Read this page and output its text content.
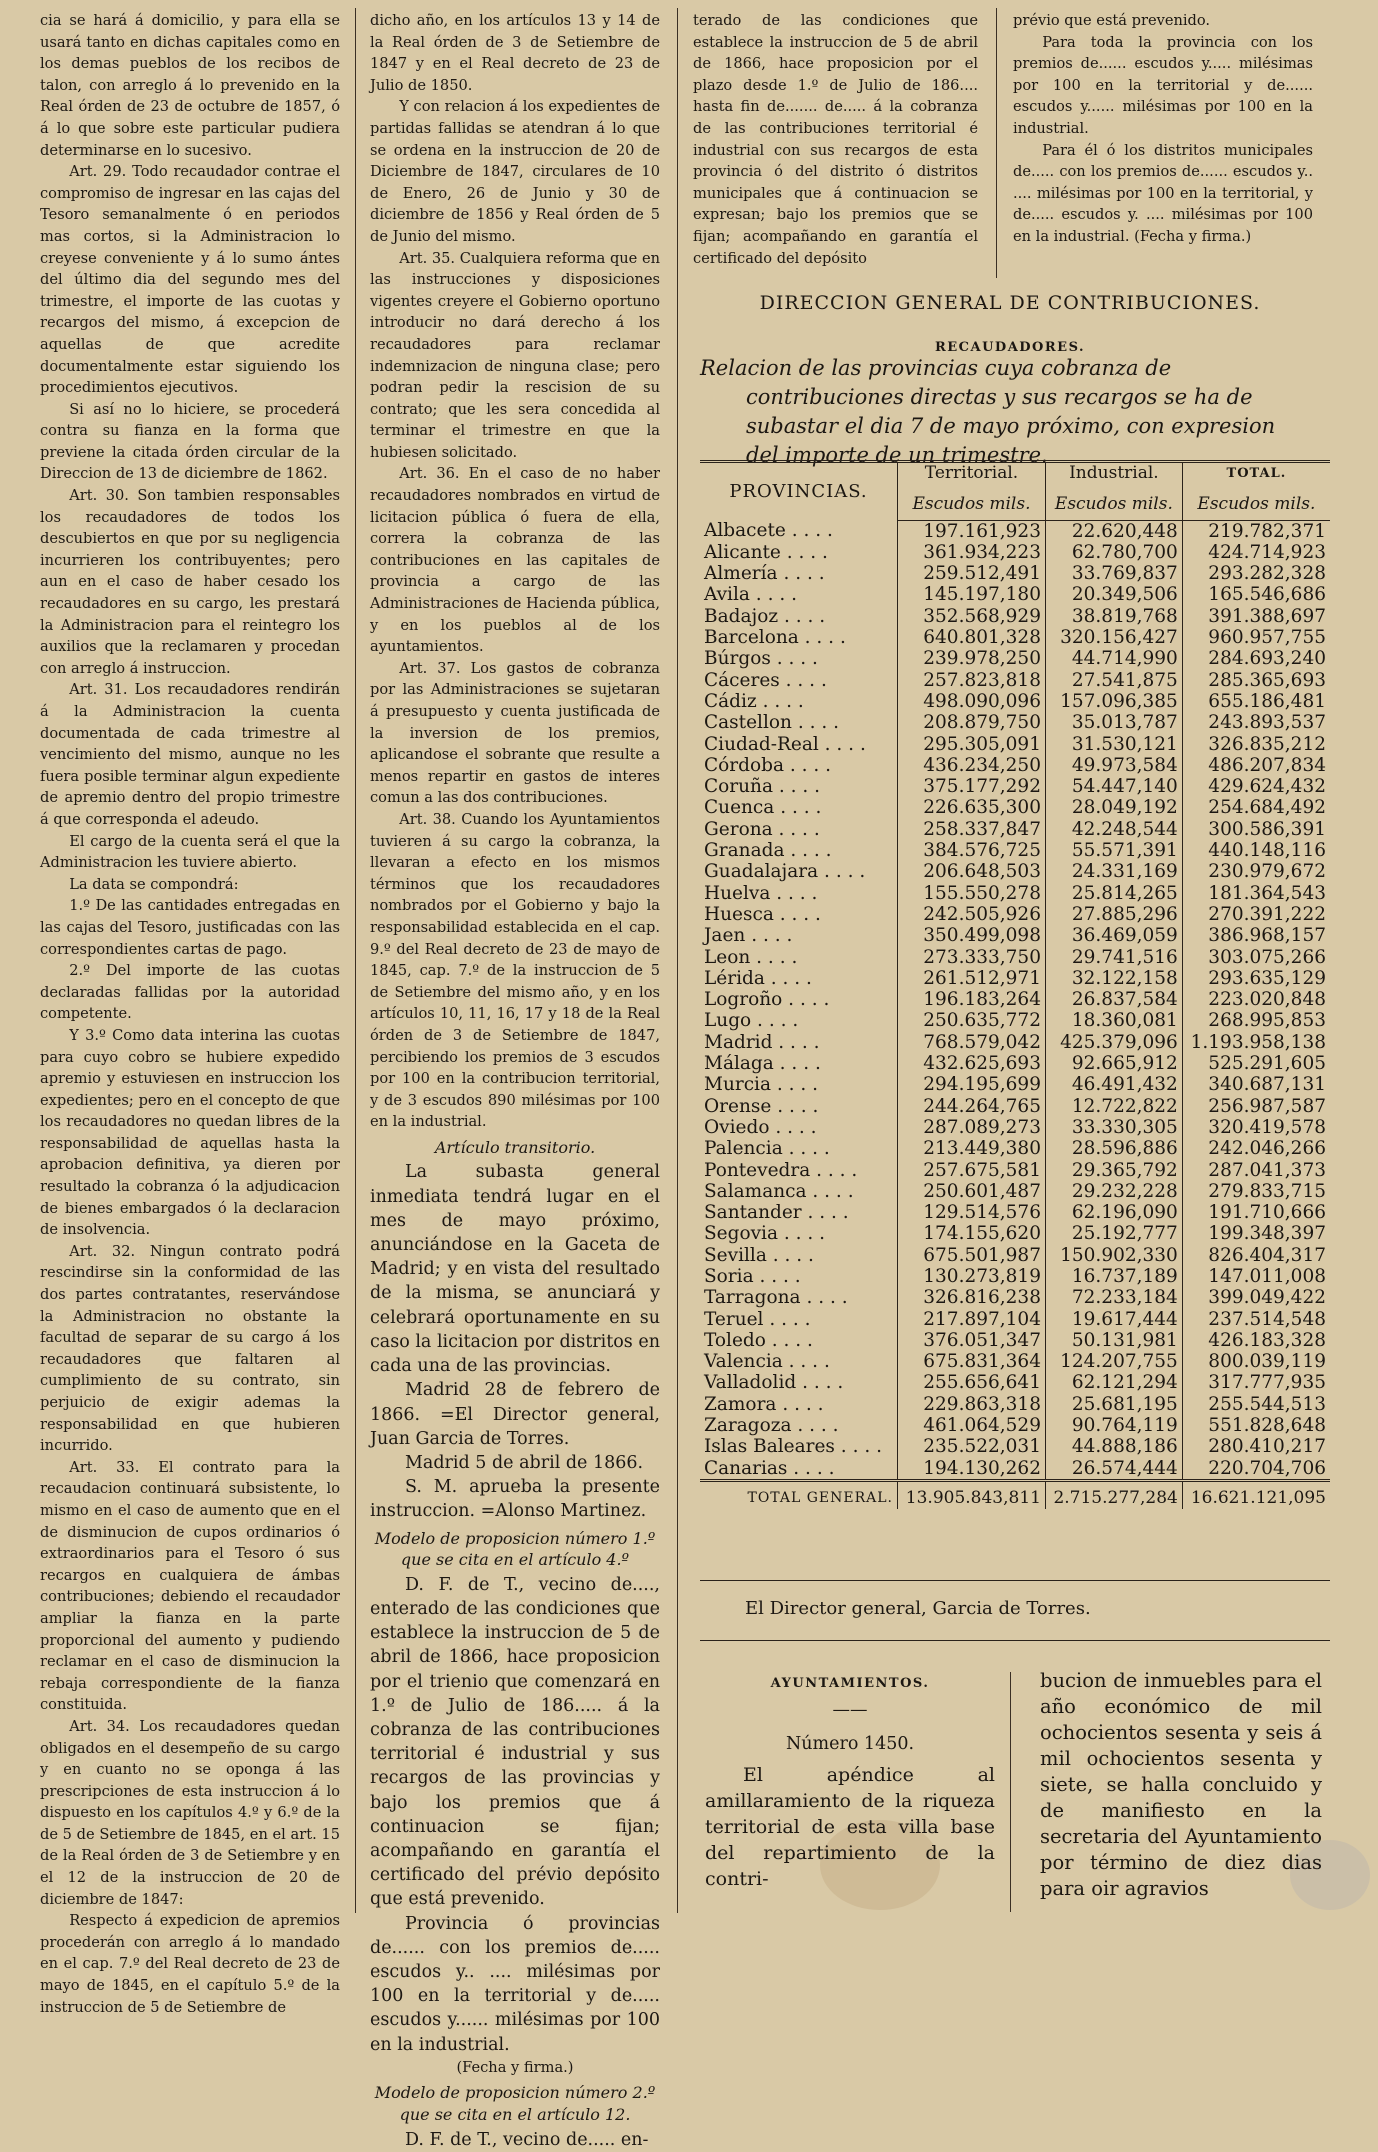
cia se hará á domicilio, y para ella se usará tanto en dichas capitales como en los demas pueblos de los recibos de talon, con arreglo á lo prevenido en la Real órden de 23 de octubre de 1857, ó á lo que sobre este particular pudiera determinarse en lo sucesivo.

Art. 29. Todo recaudador contrae el compromiso de ingresar en las cajas del Tesoro semanalmente ó en periodos mas cortos, si la Administracion lo creyese conveniente y á lo sumo ántes del último dia del segundo mes del trimestre, el importe de las cuotas y recargos del mismo, á excepcion de aquellas de que acredite documentalmente estar siguiendo los procedimientos ejecutivos.

Si así no lo hiciere, se procederá contra su fianza en la forma que previene la citada órden circular de la Direccion de 13 de diciembre de 1862.

Art. 30. Son tambien responsables los recaudadores de todos los descubiertos en que por su negligencia incurrieren los contribuyentes; pero aun en el caso de haber cesado los recaudadores en su cargo, les prestará la Administracion para el reintegro los auxilios que la reclamaren y procedan con arreglo á instruccion.

Art. 31. Los recaudadores rendirán á la Administracion la cuenta documentada de cada trimestre al vencimiento del mismo, aunque no les fuera posible terminar algun expediente de apremio dentro del propio trimestre á que corresponda el adeudo.

El cargo de la cuenta será el que la Administracion les tuviere abierto.

La data se compondrá:

1.º De las cantidades entregadas en las cajas del Tesoro, justificadas con las correspondientes cartas de pago.

2.º Del importe de las cuotas declaradas fallidas por la autoridad competente.

Y 3.º Como data interina las cuotas para cuyo cobro se hubiere expedido apremio y estuviesen en instruccion los expedientes; pero en el concepto de que los recaudadores no quedan libres de la responsabilidad de aquellas hasta la aprobacion definitiva, ya dieren por resultado la cobranza ó la adjudicacion de bienes embargados ó la declaracion de insolvencia.

Art. 32. Ningun contrato podrá rescindirse sin la conformidad de las dos partes contratantes, reservándose la Administracion no obstante la facultad de separar de su cargo á los recaudadores que faltaren al cumplimiento de su contrato, sin perjuicio de exigir ademas la responsabilidad en que hubieren incurrido.

Art. 33. El contrato para la recaudacion continuará subsistente, lo mismo en el caso de aumento que en el de disminucion de cupos ordinarios ó extraordinarios para el Tesoro ó sus recargos en cualquiera de ámbas contribuciones; debiendo el recaudador ampliar la fianza en la parte proporcional del aumento y pudiendo reclamar en el caso de disminucion la rebaja correspondiente de la fianza constituida.

Art. 34. Los recaudadores quedan obligados en el desempeño de su cargo y en cuanto no se oponga á las prescripciones de esta instruccion á lo dispuesto en los capítulos 4.º y 6.º de la de 5 de Setiembre de 1845, en el art. 15 de la Real órden de 3 de Setiembre y en el 12 de la instruccion de 20 de diciembre de 1847:

Respecto á expedicion de apremios procederán con arreglo á lo mandado en el cap. 7.º del Real decreto de 23 de mayo de 1845, en el capítulo 5.º de la instruccion de 5 de Setiembre de

dicho año, en los artículos 13 y 14 de la Real órden de 3 de Setiembre de 1847 y en el Real decreto de 23 de Julio de 1850.

Y con relacion á los expedientes de partidas fallidas se atendran á lo que se ordena en la instruccion de 20 de Diciembre de 1847, circulares de 10 de Enero, 26 de Junio y 30 de diciembre de 1856 y Real órden de 5 de Junio del mismo.

Art. 35. Cualquiera reforma que en las instrucciones y disposiciones vigentes creyere el Gobierno oportuno introducir no dará derecho á los recaudadores para reclamar indemnizacion de ninguna clase; pero podran pedir la rescision de su contrato; que les sera concedida al terminar el trimestre en que la hubiesen solicitado.

Art. 36. En el caso de no haber recaudadores nombrados en virtud de licitacion pública ó fuera de ella, correra la cobranza de las contribuciones en las capitales de provincia a cargo de las Administraciones de Hacienda pública, y en los pueblos al de los ayuntamientos.

Art. 37. Los gastos de cobranza por las Administraciones se sujetaran á presupuesto y cuenta justificada de la inversion de los premios, aplicandose el sobrante que resulte a menos repartir en gastos de interes comun a las dos contribuciones.

Art. 38. Cuando los Ayuntamientos tuvieren á su cargo la cobranza, la llevaran a efecto en los mismos términos que los recaudadores nombrados por el Gobierno y bajo la responsabilidad establecida en el cap. 9.º del Real decreto de 23 de mayo de 1845, cap. 7.º de la instruccion de 5 de Setiembre del mismo año, y en los artículos 10, 11, 16, 17 y 18 de la Real órden de 3 de Setiembre de 1847, percibiendo los premios de 3 escudos por 100 en la contribucion territorial, y de 3 escudos 890 milésimas por 100 en la industrial.

Artículo transitorio.

La subasta general inmediata tendrá lugar en el mes de mayo próximo, anunciándose en la Gaceta de Madrid; y en vista del resultado de la misma, se anunciará y celebrará oportunamente en su caso la licitacion por distritos en cada una de las provincias.

Madrid 28 de febrero de 1866. =El Director general, Juan Garcia de Torres.

Madrid 5 de abril de 1866.

S. M. aprueba la presente instruccion. =Alonso Martinez.

Modelo de proposicion número 1.º que se cita en el artículo 4.º

D. F. de T., vecino de...., enterado de las condiciones que establece la instruccion de 5 de abril de 1866, hace proposicion por el trienio que comenzará en 1.º de Julio de 186..... á la cobranza de las contribuciones territorial é industrial y sus recargos de las provincias y bajo los premios que á continuacion se fijan; acompañando en garantía el certificado del prévio depósito que está prevenido.

Provincia ó provincias de...... con los premios de..... escudos y.. .... milésimas por 100 en la territorial y de..... escudos y...... milésimas por 100 en la industrial.

(Fecha y firma.)

Modelo de proposicion número 2.º que se cita en el artículo 12.

D. F. de T., vecino de..... en-

terado de las condiciones que establece la instruccion de 5 de abril de 1866, hace proposicion por el plazo desde 1.º de Julio de 186.... hasta fin de....... de..... á la cobranza de las contribuciones territorial é industrial con sus recargos de esta provincia ó del distrito ó distritos municipales que á continuacion se expresan; bajo los premios que se fijan; acompañando en garantía el certificado del depósito

prévio que está prevenido.

Para toda la provincia con los premios de...... escudos y..... milésimas por 100 en la territorial y de...... escudos y...... milésimas por 100 en la industrial.

Para él ó los distritos municipales de..... con los premios de...... escudos y.. .... milésimas por 100 en la territorial, y de..... escudos y. .... milésimas por 100 en la industrial. (Fecha y firma.)

DIRECCION GENERAL DE CONTRIBUCIONES.
RECAUDADORES.

Relacion de las provincias cuya cobranza de contribuciones directas y sus recargos se ha de subastar el dia 7 de mayo próximo, con expresion del importe de un trimestre.

PROVINCIAS.	Territorial.	Industrial.	TOTAL.
	Escudos mils.	Escudos mils.	Escudos mils.
Albacete . . . .	197.161,923	22.620,448	219.782,371
Alicante . . . .	361.934,223	62.780,700	424.714,923
Almería . . . .	259.512,491	33.769,837	293.282,328
Avila . . . .	145.197,180	20.349,506	165.546,686
Badajoz . . . .	352.568,929	38.819,768	391.388,697
Barcelona . . . .	640.801,328	320.156,427	960.957,755
Búrgos . . . .	239.978,250	44.714,990	284.693,240
Cáceres . . . .	257.823,818	27.541,875	285.365,693
Cádiz . . . .	498.090,096	157.096,385	655.186,481
Castellon . . . .	208.879,750	35.013,787	243.893,537
Ciudad-Real . . . .	295.305,091	31.530,121	326.835,212
Córdoba . . . .	436.234,250	49.973,584	486.207,834
Coruña . . . .	375.177,292	54.447,140	429.624,432
Cuenca . . . .	226.635,300	28.049,192	254.684,492
Gerona . . . .	258.337,847	42.248,544	300.586,391
Granada . . . .	384.576,725	55.571,391	440.148,116
Guadalajara . . . .	206.648,503	24.331,169	230.979,672
Huelva . . . .	155.550,278	25.814,265	181.364,543
Huesca . . . .	242.505,926	27.885,296	270.391,222
Jaen . . . .	350.499,098	36.469,059	386.968,157
Leon . . . .	273.333,750	29.741,516	303.075,266
Lérida . . . .	261.512,971	32.122,158	293.635,129
Logroño . . . .	196.183,264	26.837,584	223.020,848
Lugo . . . .	250.635,772	18.360,081	268.995,853
Madrid . . . .	768.579,042	425.379,096	1.193.958,138
Málaga . . . .	432.625,693	92.665,912	525.291,605
Murcia . . . .	294.195,699	46.491,432	340.687,131
Orense . . . .	244.264,765	12.722,822	256.987,587
Oviedo . . . .	287.089,273	33.330,305	320.419,578
Palencia . . . .	213.449,380	28.596,886	242.046,266
Pontevedra . . . .	257.675,581	29.365,792	287.041,373
Salamanca . . . .	250.601,487	29.232,228	279.833,715
Santander . . . .	129.514,576	62.196,090	191.710,666
Segovia . . . .	174.155,620	25.192,777	199.348,397
Sevilla . . . .	675.501,987	150.902,330	826.404,317
Soria . . . .	130.273,819	16.737,189	147.011,008
Tarragona . . . .	326.816,238	72.233,184	399.049,422
Teruel . . . .	217.897,104	19.617,444	237.514,548
Toledo . . . .	376.051,347	50.131,981	426.183,328
Valencia . . . .	675.831,364	124.207,755	800.039,119
Valladolid . . . .	255.656,641	62.121,294	317.777,935
Zamora . . . .	229.863,318	25.681,195	255.544,513
Zaragoza . . . .	461.064,529	90.764,119	551.828,648
Islas Baleares . . . .	235.522,031	44.888,186	280.410,217
Canarias . . . .	194.130,262	26.574,444	220.704,706
TOTAL GENERAL.	13.905.843,811	2.715.277,284	16.621.121,095
El Director general, Garcia de Torres.
AYUNTAMIENTOS.
——
Número 1450.

El apéndice al amillaramiento de la riqueza territorial de esta villa base del repartimiento de la contri-

bucion de inmuebles para el año económico de mil ochocientos sesenta y seis á mil ochocientos sesenta y siete, se halla concluido y de manifiesto en la secretaria del Ayuntamiento por término de diez dias para oir agravios
